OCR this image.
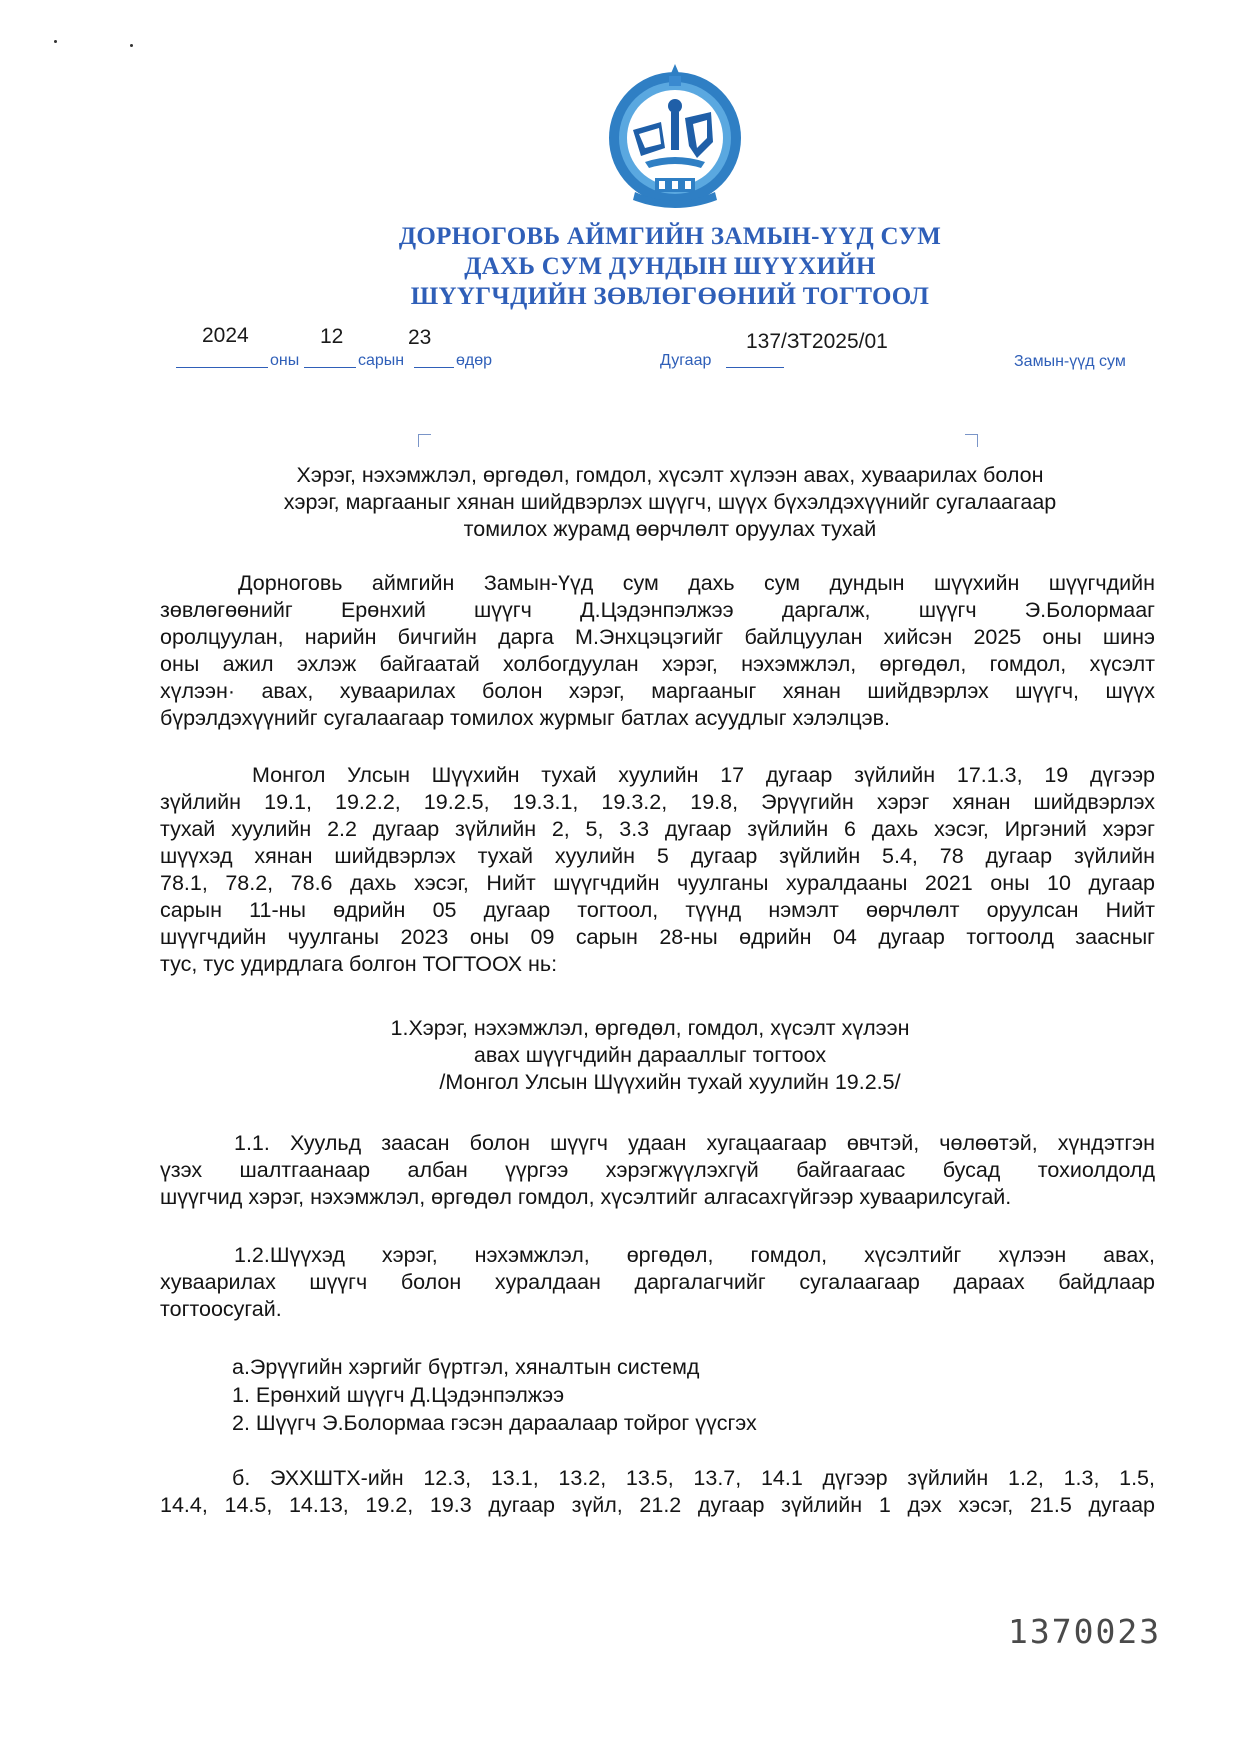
ДОРНОГОВЬ АЙМГИЙН ЗАМЫН-ҮҮД СУМ
ДАХЬ СУМ ДУНДЫН ШҮҮХИЙН
ШҮҮГЧДИЙН ЗӨВЛӨГӨӨНИЙ ТОГТООЛ
2024	12	23	137/ЗТ2025/01
оны	сарын	өдөр	Дугаар	Замын-үүд сум
Хэрэг, нэхэмжлэл, өргөдөл, гомдол, хүсэлт хүлээн авах, хуваарилах болон
хэрэг, маргааныг хянан шийдвэрлэх шүүгч, шүүх бүхэлдэхүүнийг сугалаагаар
томилох журамд өөрчлөлт оруулах тухай
Дорноговь аймгийн Замын-Үүд сум дахь сум дундын шүүхийн шүүгчдийн
зөвлөгөөнийг Ерөнхий шүүгч Д.Цэдэнпэлжээ даргалж, шүүгч Э.Болормааг
оролцуулан, нарийн бичгийн дарга М.Энхцэцэгийг байлцуулан хийсэн 2025 оны шинэ
оны ажил эхлэж байгаатай холбогдуулан хэрэг, нэхэмжлэл, өргөдөл, гомдол, хүсэлт
хүлээн· авах, хуваарилах болон хэрэг, маргааныг хянан шийдвэрлэх шүүгч, шүүх
бүрэлдэхүүнийг сугалаагаар томилох журмыг батлах асуудлыг хэлэлцэв.
Монгол Улсын Шүүхийн тухай хуулийн 17 дугаар зүйлийн 17.1.3, 19 дүгээр
зүйлийн 19.1, 19.2.2, 19.2.5, 19.3.1, 19.3.2, 19.8, Эрүүгийн хэрэг хянан шийдвэрлэх
тухай хуулийн 2.2 дугаар зүйлийн 2, 5, 3.3 дугаар зүйлийн 6 дахь хэсэг, Иргэний хэрэг
шүүхэд хянан шийдвэрлэх тухай хуулийн 5 дугаар зүйлийн 5.4, 78 дугаар зүйлийн
78.1, 78.2, 78.6 дахь хэсэг, Нийт шүүгчдийн чуулганы хуралдааны 2021 оны 10 дугаар
сарын 11-ны өдрийн 05 дугаар тогтоол, түүнд нэмэлт өөрчлөлт оруулсан Нийт
шүүгчдийн чуулганы 2023 оны 09 сарын 28-ны өдрийн 04 дугаар тогтоолд заасныг
тус, тус удирдлага болгон ТОГТООХ нь:
1.Хэрэг, нэхэмжлэл, өргөдөл, гомдол, хүсэлт хүлээн
авах шүүгчдийн дарааллыг тогтоох
/Монгол Улсын Шүүхийн тухай хуулийн 19.2.5/
1.1. Хуульд заасан болон шүүгч удаан хугацаагаар өвчтэй, чөлөөтэй, хүндэтгэн
үзэх шалтгаанаар албан үүргээ хэрэгжүүлэхгүй байгаагаас бусад тохиолдолд
шүүгчид хэрэг, нэхэмжлэл, өргөдөл гомдол, хүсэлтийг алгасахгүйгээр хуваарилсугай.
1.2.Шүүхэд хэрэг, нэхэмжлэл, өргөдөл, гомдол, хүсэлтийг хүлээн авах,
хуваарилах шүүгч болон хуралдаан даргалагчийг сугалаагаар дараах байдлаар
тогтоосугай.
а.Эрүүгийн хэргийг бүртгэл, хяналтын системд
1. Ерөнхий шүүгч Д.Цэдэнпэлжээ
2. Шүүгч Э.Болормаа гэсэн дараалаар тойрог үүсгэх
б. ЭХХШТХ-ийн 12.3, 13.1, 13.2, 13.5, 13.7, 14.1 дүгээр зүйлийн 1.2, 1.3, 1.5,
14.4, 14.5, 14.13, 19.2, 19.3 дугаар зүйл, 21.2 дугаар зүйлийн 1 дэх хэсэг, 21.5 дугаар
1370023
